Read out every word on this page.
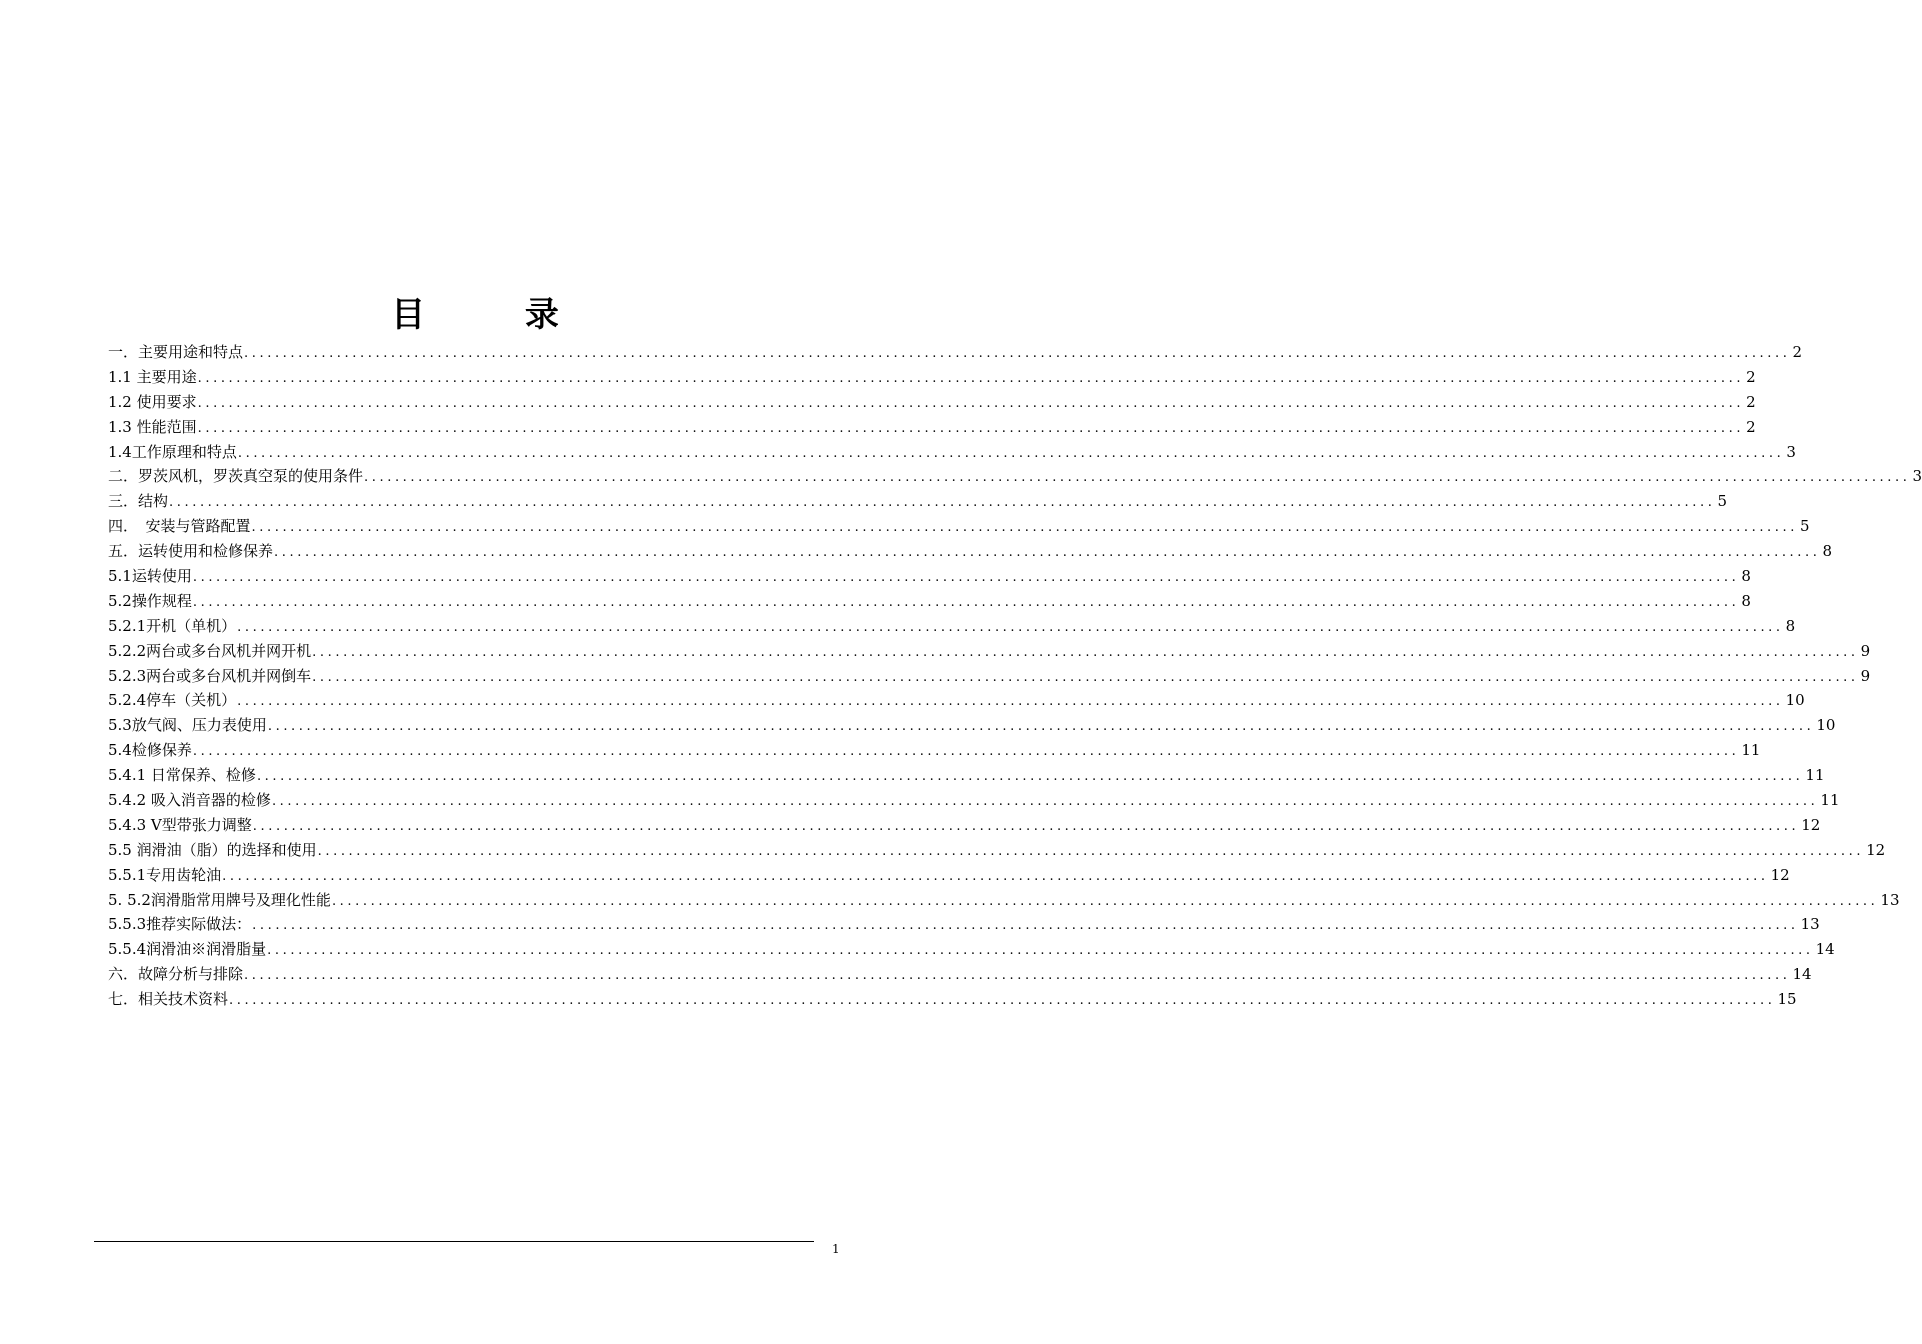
目 录
一．主要用途和特点 ........................................................................................................................................................................................................ 2
1.1 主要用途 ........................................................................................................................................................................................................ 2
1.2 使用要求 ........................................................................................................................................................................................................ 2
1.3 性能范围 ........................................................................................................................................................................................................ 2
1.4工作原理和特点 ........................................................................................................................................................................................................ 3
二．罗茨风机，罗茨真空泵的使用条件 ........................................................................................................................................................................................................ 3
三．结构 ........................................................................................................................................................................................................ 5
四．　安装与管路配置 ........................................................................................................................................................................................................ 5
五．运转使用和检修保养 ........................................................................................................................................................................................................ 8
5.1运转使用 ........................................................................................................................................................................................................ 8
5.2操作规程 ........................................................................................................................................................................................................ 8
5.2.1开机（单机） ........................................................................................................................................................................................................ 8
5.2.2两台或多台风机并网开机 ........................................................................................................................................................................................................ 9
5.2.3两台或多台风机并网倒车 ........................................................................................................................................................................................................ 9
5.2.4停车（关机） ........................................................................................................................................................................................................ 10
5.3放气阀、压力表使用 ........................................................................................................................................................................................................ 10
5.4检修保养 ........................................................................................................................................................................................................ 11
5.4.1 日常保养、检修 ........................................................................................................................................................................................................ 11
5.4.2 吸入消音器的检修 ........................................................................................................................................................................................................ 11
5.4.3 V型带张力调整 ........................................................................................................................................................................................................ 12
5.5 润滑油（脂）的选择和使用 ........................................................................................................................................................................................................ 12
5.5.1专用齿轮油 ........................................................................................................................................................................................................ 12
5. 5.2润滑脂常用牌号及理化性能 ........................................................................................................................................................................................................ 13
5.5.3推荐实际做法： ........................................................................................................................................................................................................ 13
5.5.4润滑油※润滑脂量 ........................................................................................................................................................................................................ 14
六．故障分析与排除 ........................................................................................................................................................................................................ 14
七．相关技术资料 ........................................................................................................................................................................................................ 15
1
